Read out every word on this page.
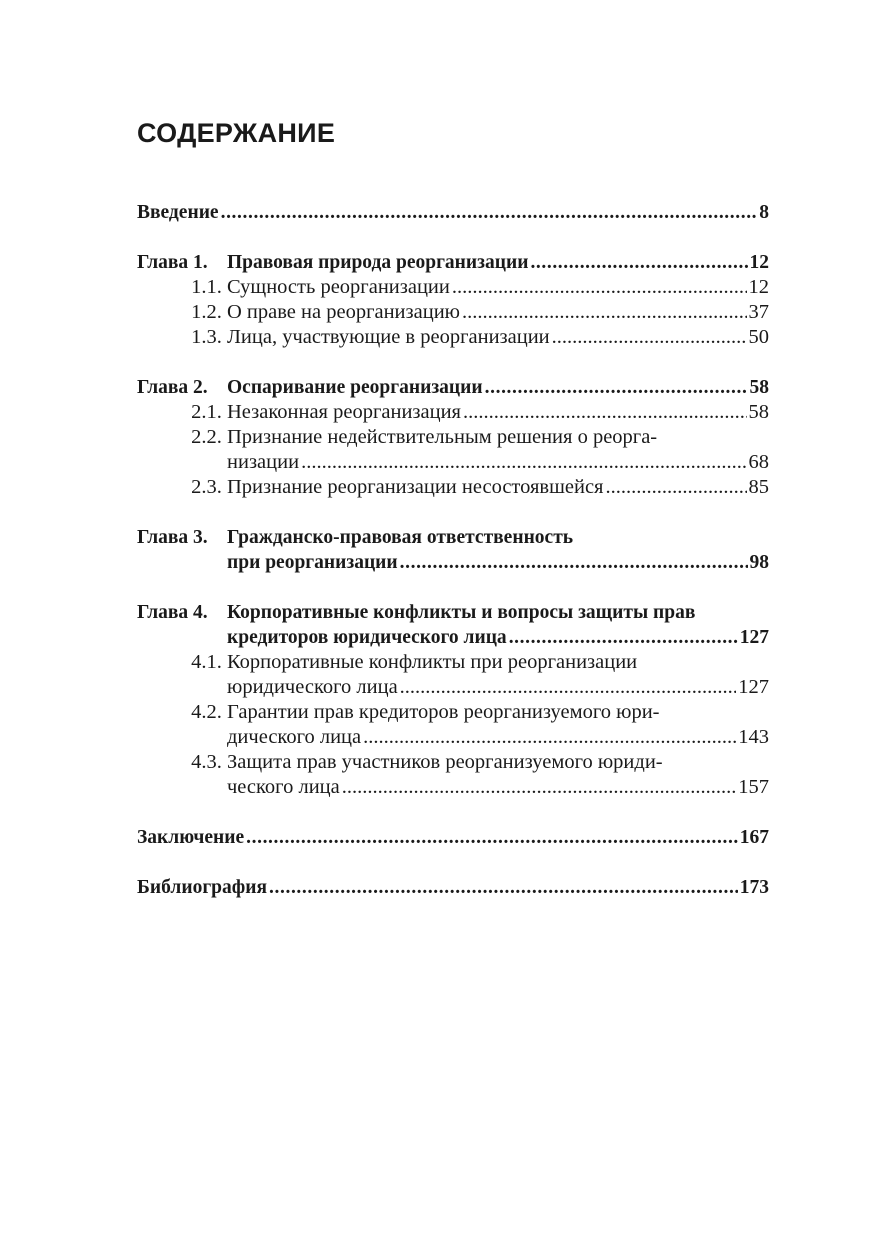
СОДЕРЖАНИЕ
Введение .....	8
Глава 1. Правовая природа реорганизации .....	12
1.1. Сущность реорганизации .....	12
1.2. О праве на реорганизацию .....	37
1.3. Лица, участвующие в реорганизации .....	50
Глава 2. Оспаривание реорганизации .....	58
2.1. Незаконная реорганизация .....	58
2.2. Признание недействительным решения о реорга-
низации .....	68
2.3. Признание реорганизации несостоявшейся .....	85
Глава 3. Гражданско-правовая ответственность
при реорганизации .....	98
Глава 4. Корпоративные конфликты и вопросы защиты прав
кредиторов юридического лица .....	127
4.1. Корпоративные конфликты при реорганизации
юридического лица .....	127
4.2. Гарантии прав кредиторов реорганизуемого юри-
дического лица .....	143
4.3. Защита прав участников реорганизуемого юриди-
ческого лица .....	157
Заключение .....	167
Библиография .....	173
